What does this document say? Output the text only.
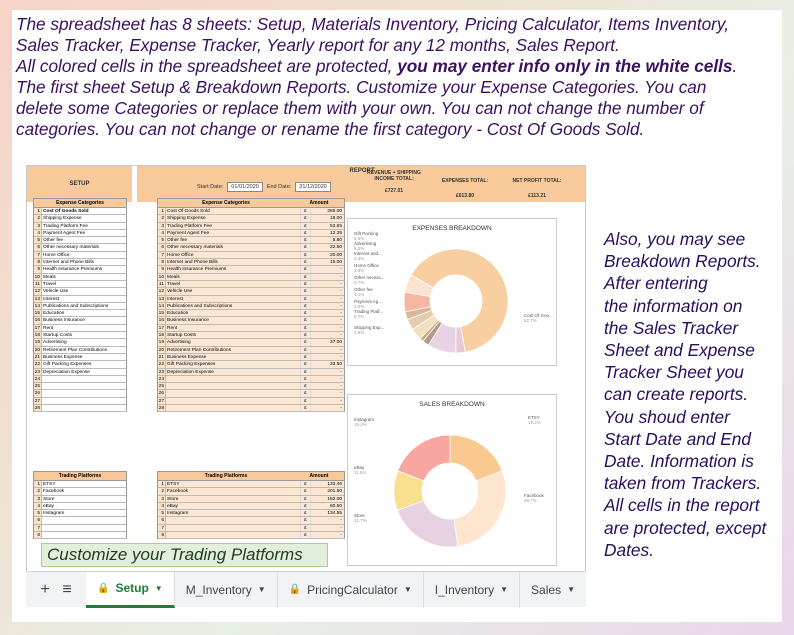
The spreadsheet has 8 sheets: Setup, Materials Inventory, Pricing Calculator, Items Inventory,

Sales Tracker, Expense Tracker, Yearly report for any 12 months, Sales Report.

All colored cells in the spreadsheet are protected, you may enter info only in the white cells.

The first sheet Setup & Breakdown Reports. Customize your Expense Categories. You can

delete some Categories or replace them with your own. You can not change the number of

categories. You can not change or rename the first category - Cost Of Goods Sold.

SETUP
REPORT
Start Date:	01/01/2020	End Date:	31/12/2020
REVENUE + SHIPPING INCOME TOTAL:
£727.01
EXPENSES TOTAL:
£613.80
NET PROFIT TOTAL:
£113.21
Expense Categories
1 Cost Of Goods Sold
2 Shipping Expense
3 Trading Platform Fee
4 Payment Agent Fee
5 Other fee
6 Other necessary materials
7 Home Office
8 Internet and Phone Bills
9 Health Insurance Premiums
10 Meals
11 Travel
12 Vehicle Use
13 Interest
14 Publications and Subscriptions
15 Education
16 Business Insurance
17 Rent
18 Startup Costs
19 Advertising
20 Retirement Plan Contributions
21 Business Expense
22 Gift Packing Expenses
23 Depreciation Expense
24
25
26
27
28
Expense Categories	Amount
1 Cost Of Goods Sold	£	385.00
2 Shipping Expense	£	18.00
3 Trading Platform Fee	£	53.65
4 Payment Agent Fee	£	12.35
5 Other fee	£	6.80
6 Other necessary materials	£	22.50
7 Home Office	£	20.00
8 Internet and Phone Bills	£	15.00
9 Health Insurance Premiums	£	-
10 Meals	£	-
11 Travel	£	-
12 Vehicle Use	£	-
13 Interest	£	-
14 Publications and Subscriptions	£	-
15 Education	£	-
16 Business Insurance	£	-
17 Rent	£	-
18 Startup Costs	£	-
19 Advertising	£	37.00
20 Retirement Plan Contributions	£	-
21 Business Expense	£	-
22 Gift Packing Expenses	£	33.50
23 Depreciation Expense	£	-
24	£	-
25	£	-
26	£	-
27	£	-
28	£	-
Trading Platforms
1 ETSY
2 Facebook
3 Store
4 eBay
5 Instagram
6
7
8
Trading Platforms	Amount
1 ETSY	£	133.46
2 Facebook	£	201.50
3 Store	£	152.00
4 eBay	£	80.50
5 Instagram	£	134.55
6	£	-
7	£	-
8	£	-
EXPENSES BREAKDOWN
Cost Of Goo...
62.7%
Shipping Exp...
2.9%
Trading Platf...
8.7%
Payment Ag...
2.0%
Other fee
1.1%
Other necess...
3.7%
Home Office
3.3%
Internet and...
2.4%
Advertising
6.0%
Gift Packing
5.5%
SALES BREAKDOWN
ETSY
19.2%
Facebook
28.7%
Store
21.7%
eBay
11.5%
Instagram
19.2%
Customize your Trading Platforms
+ ≡	🔒 Setup ▼ M_Inventory ▼ 🔒 PricingCalculator ▼ I_Inventory ▼ Sales ▼
Also, you may see
Breakdown Reports.
After entering
the information on
the Sales Tracker
Sheet and Expense
Tracker Sheet you
can create reports.
You shoud enter
Start Date and End
Date. Information is
taken from Trackers.
All cells in the report
are protected, except
Dates.
